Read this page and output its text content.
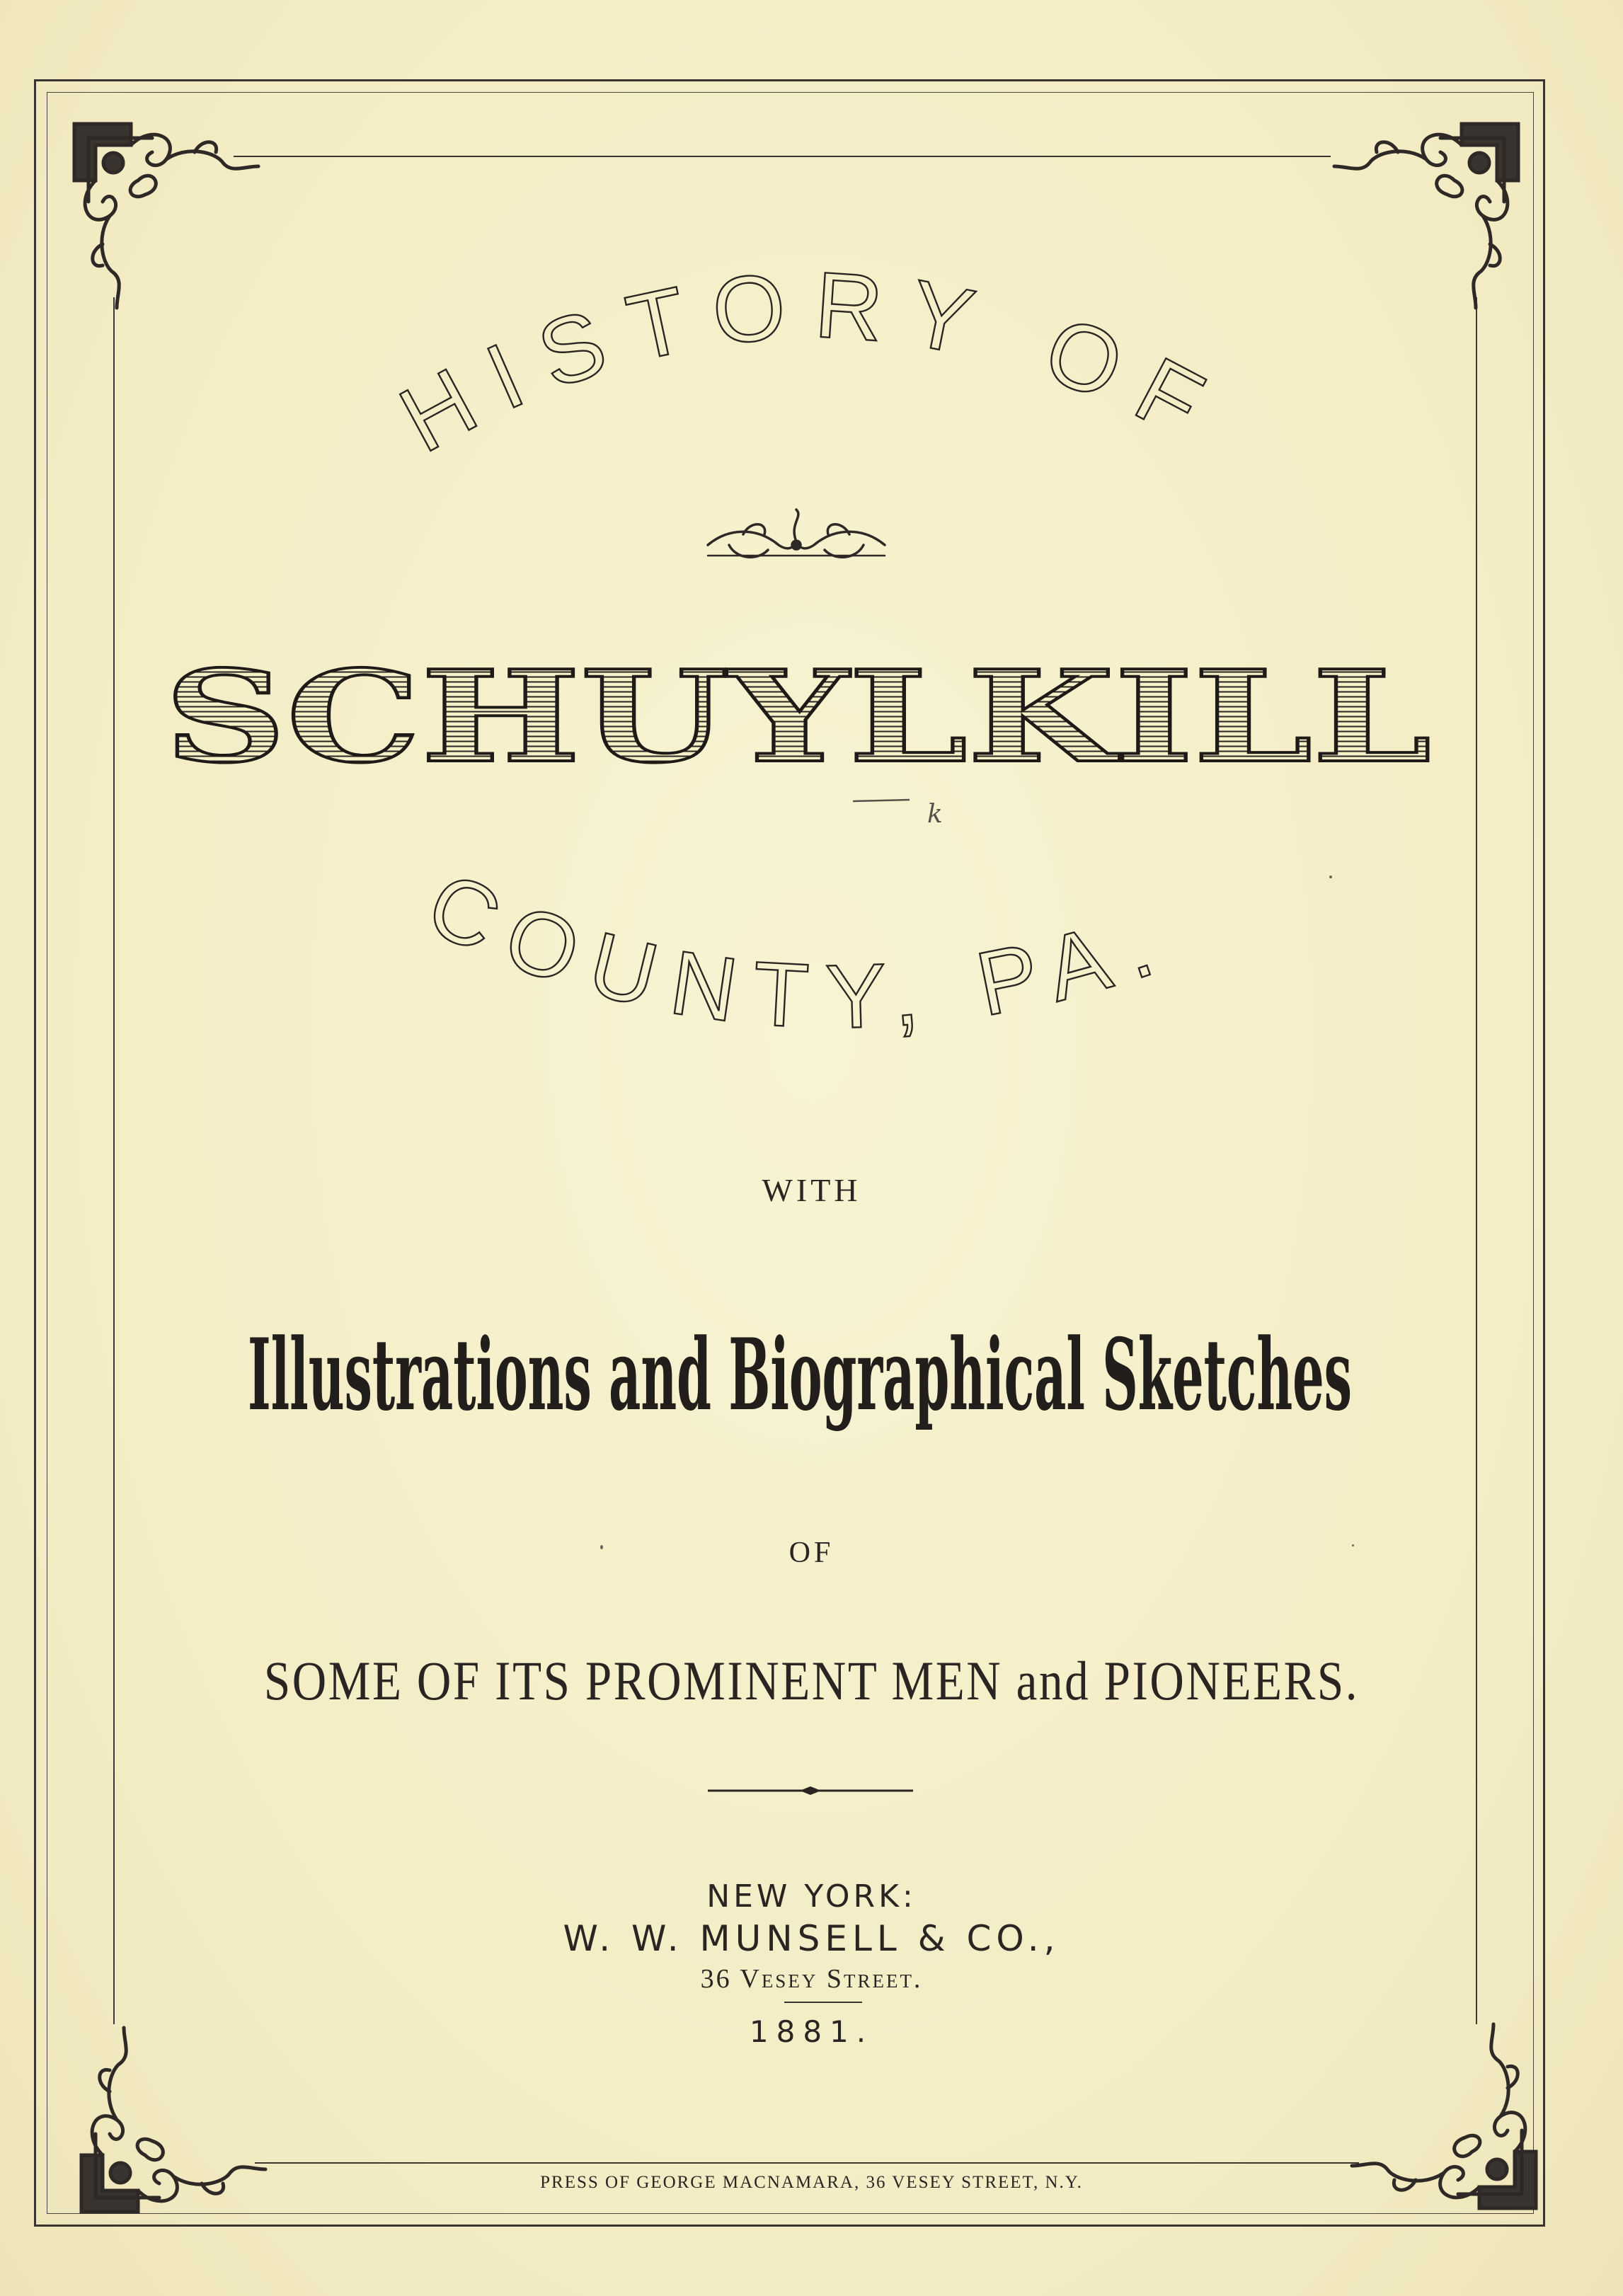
HISTORY OF
COUNTY, PA.
SCHUYLKILL
k
WITH
Illustrations and Biographical Sketches
OF
SOME OF ITS PROMINENT MEN and PIONEERS.
NEW YORK:
W. W. MUNSELL & CO.,
36 Vesey Street.
1881.
PRESS OF GEORGE MACNAMARA, 36 VESEY STREET, N.Y.
